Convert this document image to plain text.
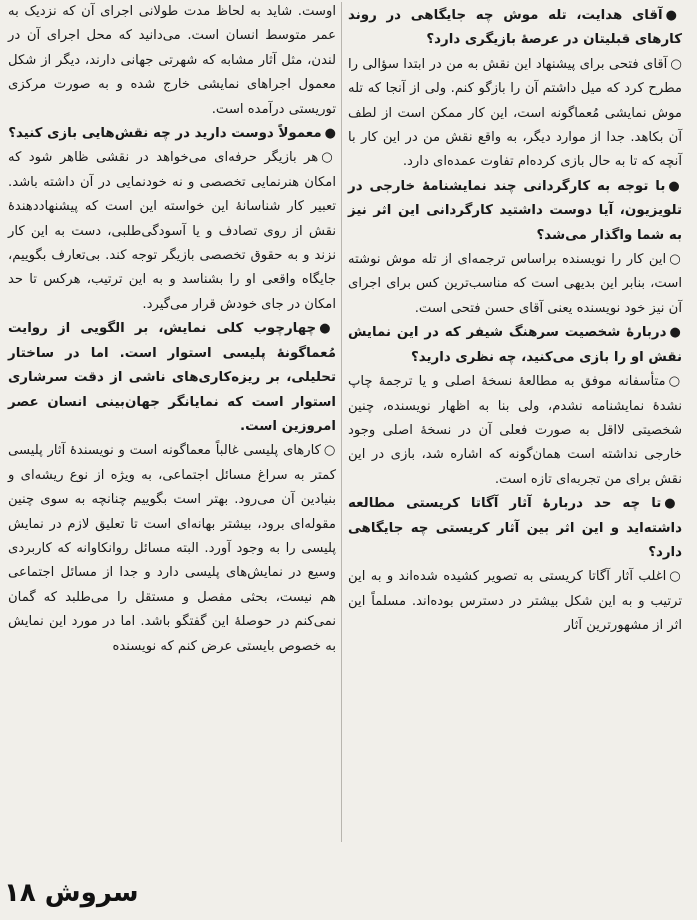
●آقای هدایت، تله موش چه جایگاهی در روند کارهای قبلیتان در عرصهٔ بازیگری دارد؟

○آقای فتحی برای پیشنهاد این نقش به من در ابتدا سؤالی را مطرح کرد که میل داشتم آن را بازگو کنم. ولی از آنجا که تله موش نمایشی مُعماگونه است، این کار ممکن است از لطف آن بکاهد. جدا از موارد دیگر، به واقع نقش من در این کار با آنچه که تا به حال بازی کرده‌ام تفاوت عمده‌ای دارد.

●با توجه به کارگردانی چند نمایشنامهٔ خارجی در تلویزیون، آیا دوست داشتید کارگردانی این اثر نیز به شما واگذار می‌شد؟

○این کار را نویسنده براساس ترجمه‌ای از تله موش نوشته است، بنابر این بدیهی است که مناسب‌ترین کس برای اجرای آن نیز خود نویسنده یعنی آقای حسن فتحی است.

●دربارهٔ شخصیت سرهنگ شیفر که در این نمایش نقش او را بازی می‌کنید، چه نظری دارید؟

○متأسفانه موفق به مطالعهٔ نسخهٔ اصلی و یا ترجمهٔ چاپ نشدهٔ نمایشنامه نشدم، ولی بنا به اظهار نویسنده، چنین شخصیتی لااقل به صورت فعلی آن در نسخهٔ اصلی وجود خارجی نداشته است همان‌گونه که اشاره شد، بازی در این نقش برای من تجربه‌ای تازه است.

●تا چه حد دربارهٔ آثار آگاتا کریستی مطالعه داشته‌اید و این اثر بین آثار کریستی چه جایگاهی دارد؟

○اغلب آثار آگاتا کریستی به تصویر کشیده شده‌اند و به این ترتیب و به این شکل بیشتر در دسترس بوده‌اند. مسلماً این اثر از مشهورترین آثار

اوست. شاید به لحاظ مدت طولانی اجرای آن که نزدیک به عمر متوسط انسان است. می‌دانید که محل اجرای آن در لندن، مثل آثار مشابه که شهرتی جهانی دارند، دیگر از شکل معمول اجراهای نمایشی خارج شده و به صورت مرکزی توریستی درآمده است.

●معمولاً دوست دارید در چه نقش‌هایی بازی کنید؟

○هر بازیگر حرفه‌ای می‌خواهد در نقشی ظاهر شود که امکان هنرنمایی تخصصی و نه خودنمایی در آن داشته باشد. تعبیر کار شناسانهٔ این خواسته این است که پیشنهاددهندهٔ نقش از روی تصادف و یا آسودگی‌طلبی، دست به این کار نزند و به حقوق تخصصی بازیگر توجه کند. بی‌تعارف بگوییم، جایگاه واقعی او را بشناسد و به این ترتیب، هرکس تا حد امکان در جای خودش قرار می‌گیرد.

●چهارچوب کلی نمایش، بر الگویی از روایت مُعماگونهٔ پلیسی استوار است. اما در ساختار تحلیلی، بر ریزه‌کاری‌های ناشی از دقت سرشاری استوار است که نمایانگر جهان‌بینی انسان عصر امروزین است.

○کارهای پلیسی غالباً معماگونه است و نویسندهٔ آثار پلیسی کمتر به سراغ مسائل اجتماعی، به ویژه از نوع ریشه‌ای و بنیادین آن می‌رود. بهتر است بگوییم چنانچه به سوی چنین مقوله‌ای برود، بیشتر بهانه‌ای است تا تعلیق لازم در نمایش پلیسی را به وجود آورد. البته مسائل روانکاوانه که کاربردی وسیع در نمایش‌های پلیسی دارد و جدا از مسائل اجتماعی هم نیست، بحثی مفصل و مستقل را می‌طلبد که گمان نمی‌کنم در حوصلهٔ این گفتگو باشد. اما در مورد این نمایش به خصوص بایستی عرض کنم که نویسنده

سروش ۱۸
